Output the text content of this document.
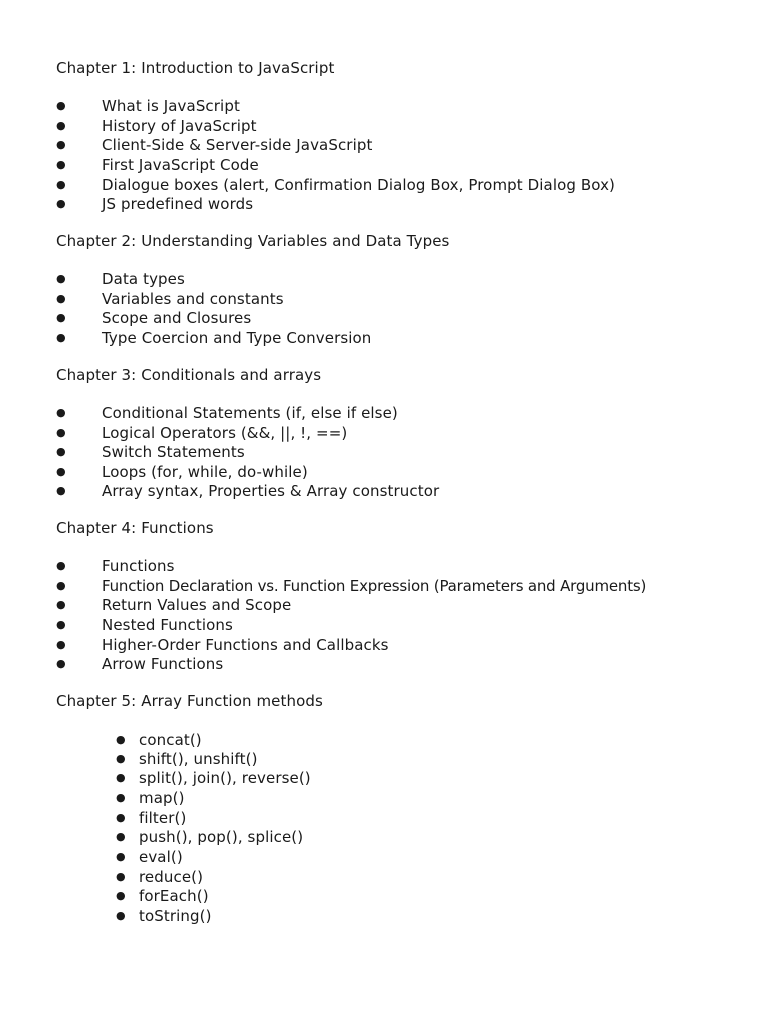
Chapter 1: Introduction to JavaScript
● What is JavaScript
● History of JavaScript
● Client-Side & Server-side JavaScript
● First JavaScript Code
● Dialogue boxes (alert, Confirmation Dialog Box, Prompt Dialog Box)
● JS predefined words
Chapter 2: Understanding Variables and Data Types
● Data types
● Variables and constants
● Scope and Closures
● Type Coercion and Type Conversion
Chapter 3: Conditionals and arrays
● Conditional Statements (if, else if else)
● Logical Operators (&&, ||, !, ==)
● Switch Statements
● Loops (for, while, do-while)
● Array syntax, Properties & Array constructor
Chapter 4: Functions
● Functions
● Function Declaration vs. Function Expression (Parameters and Arguments)
● Return Values and Scope
● Nested Functions
● Higher-Order Functions and Callbacks
● Arrow Functions
Chapter 5: Array Function methods
● concat()
● shift(), unshift()
● split(), join(), reverse()
● map()
● filter()
● push(), pop(), splice()
● eval()
● reduce()
● forEach()
● toString()
